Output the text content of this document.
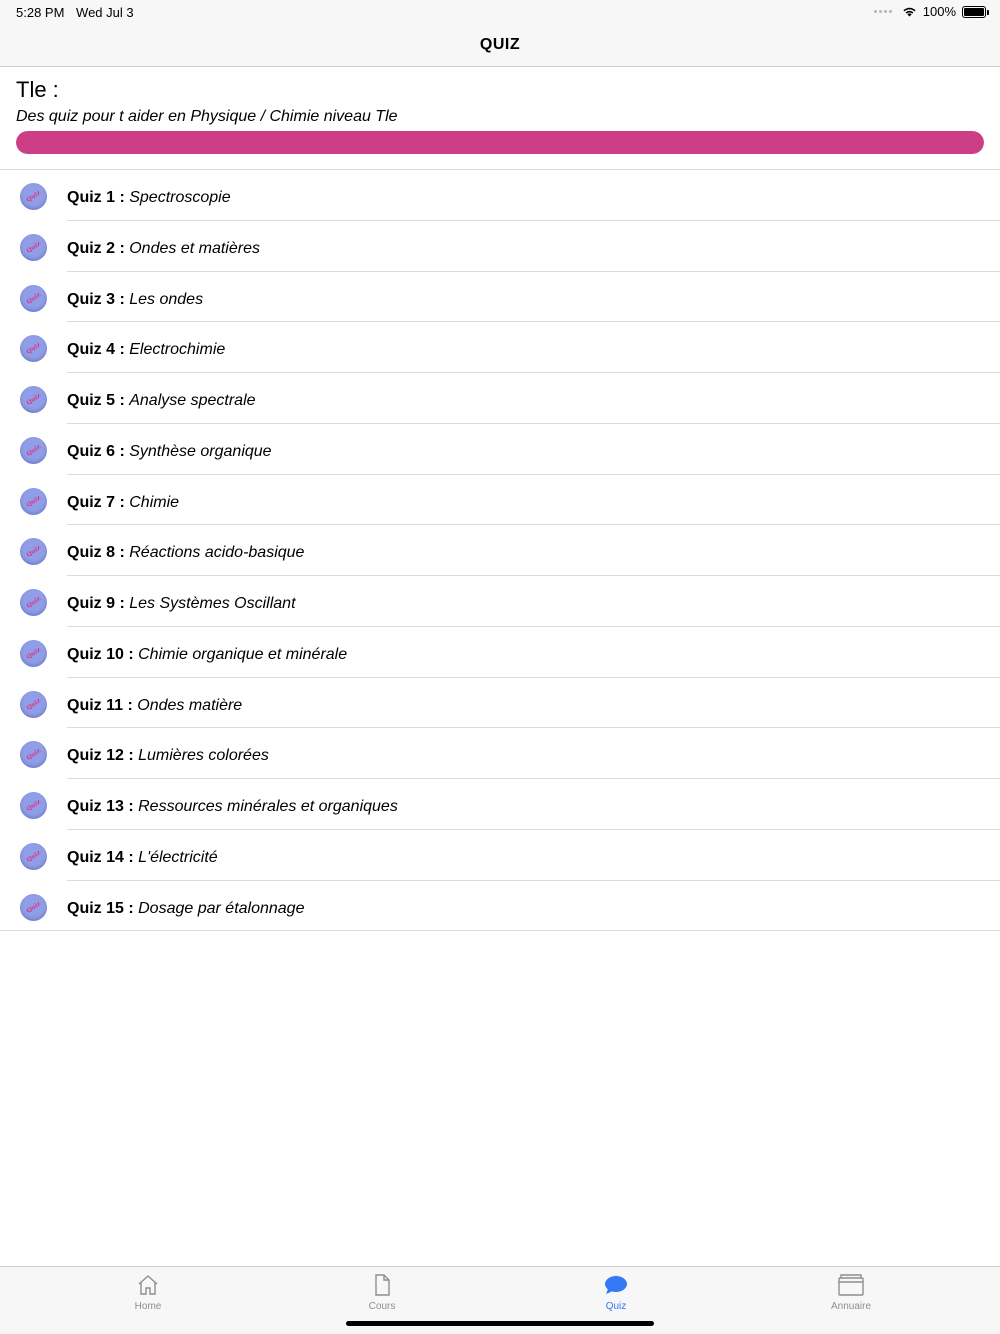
5:28 PM Wed Jul 3	100%
QUIZ
Tle :
Des quiz pour t aider en Physique / Chimie niveau Tle
Quiz Quiz 1 : Spectroscopie
Quiz Quiz 2 : Ondes et matières
Quiz Quiz 3 : Les ondes
Quiz Quiz 4 : Electrochimie
Quiz Quiz 5 : Analyse spectrale
Quiz Quiz 6 : Synthèse organique
Quiz Quiz 7 : Chimie
Quiz Quiz 8 : Réactions acido-basique
Quiz Quiz 9 : Les Systèmes Oscillant
Quiz Quiz 10 : Chimie organique et minérale
Quiz Quiz 11 : Ondes matière
Quiz Quiz 12 : Lumières colorées
Quiz Quiz 13 : Ressources minérales et organiques
Quiz Quiz 14 : L'électricité
Quiz Quiz 15 : Dosage par étalonnage
Home	Cours	Quiz	Annuaire
